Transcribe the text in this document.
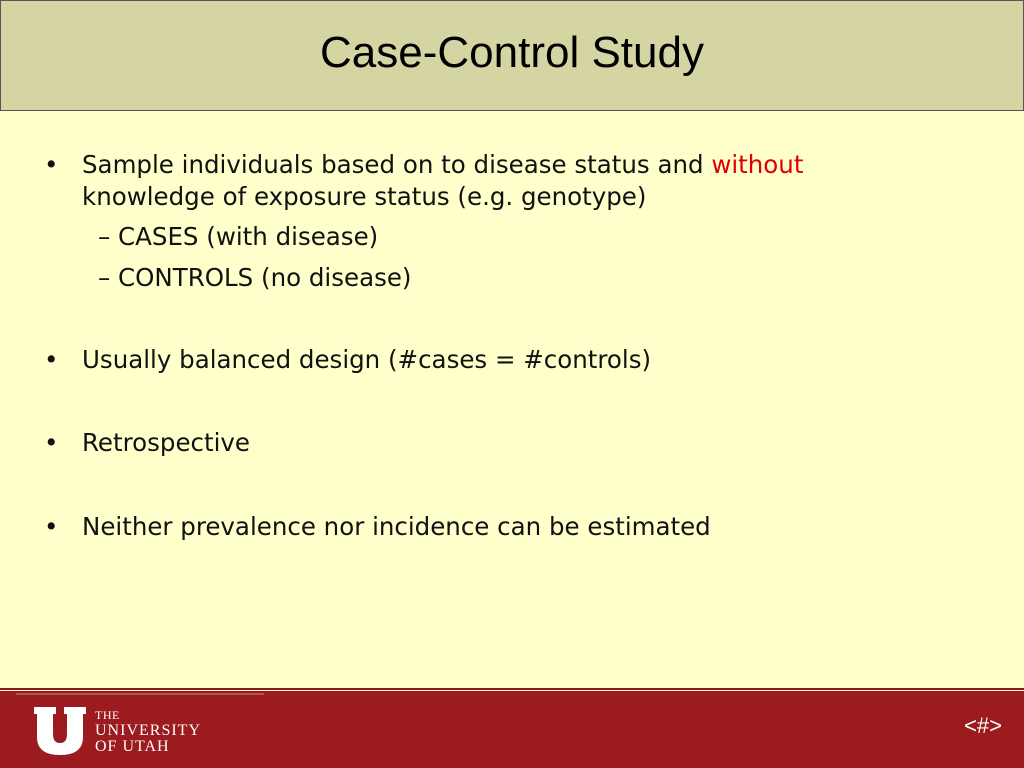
Case-Control Study
• Sample individuals based on to disease status and without
knowledge of exposure status (e.g. genotype)
– CASES (with disease)
– CONTROLS (no disease)
• Usually balanced design (#cases = #controls)
• Retrospective
• Neither prevalence nor incidence can be estimated
THE
UNIVERSITY
OF UTAH
<#>
